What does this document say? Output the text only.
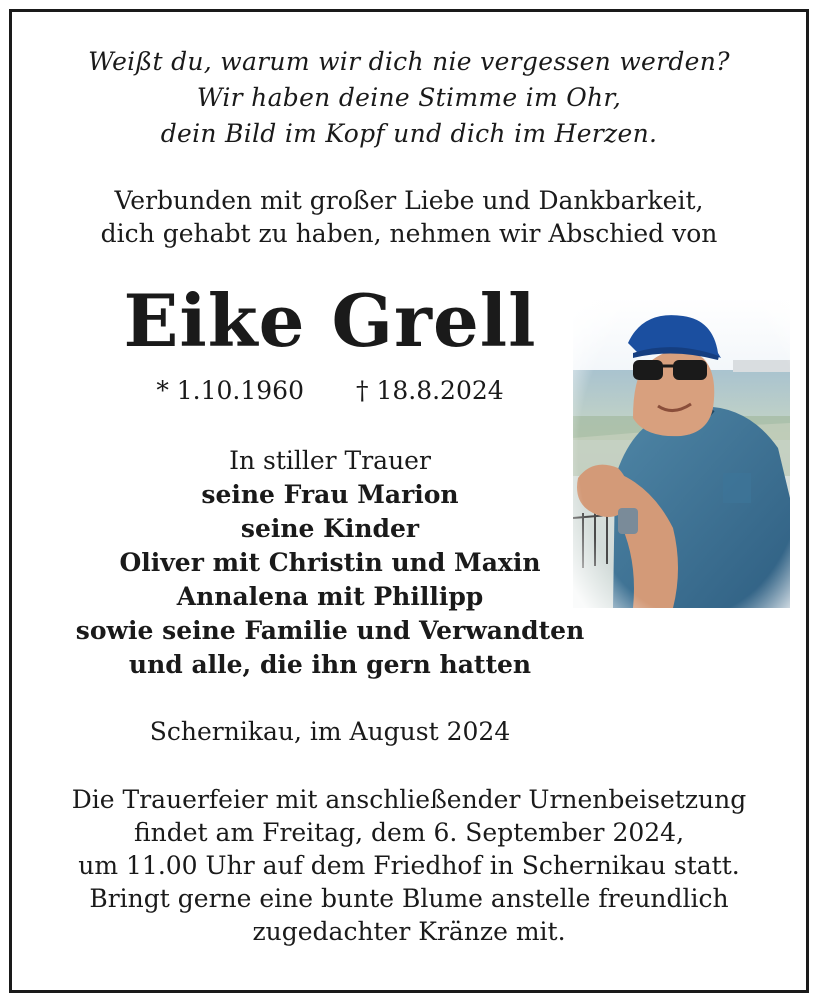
Weißt du, warum wir dich nie vergessen werden?
Wir haben deine Stimme im Ohr,
dein Bild im Kopf und dich im Herzen.
Verbunden mit großer Liebe und Dankbarkeit,
dich gehabt zu haben, nehmen wir Abschied von
Eike Grell
* 1.10.1960 † 18.8.2024
In stiller Trauer
seine Frau Marion
seine Kinder
Oliver mit Christin und Maxin
Annalena mit Phillipp
sowie seine Familie und Verwandten
und alle, die ihn gern hatten
Schernikau, im August 2024
Die Trauerfeier mit anschließender Urnenbeisetzung
findet am Freitag, dem 6. September 2024,
um 11.00 Uhr auf dem Friedhof in Schernikau statt.
Bringt gerne eine bunte Blume anstelle freundlich
zugedachter Kränze mit.
